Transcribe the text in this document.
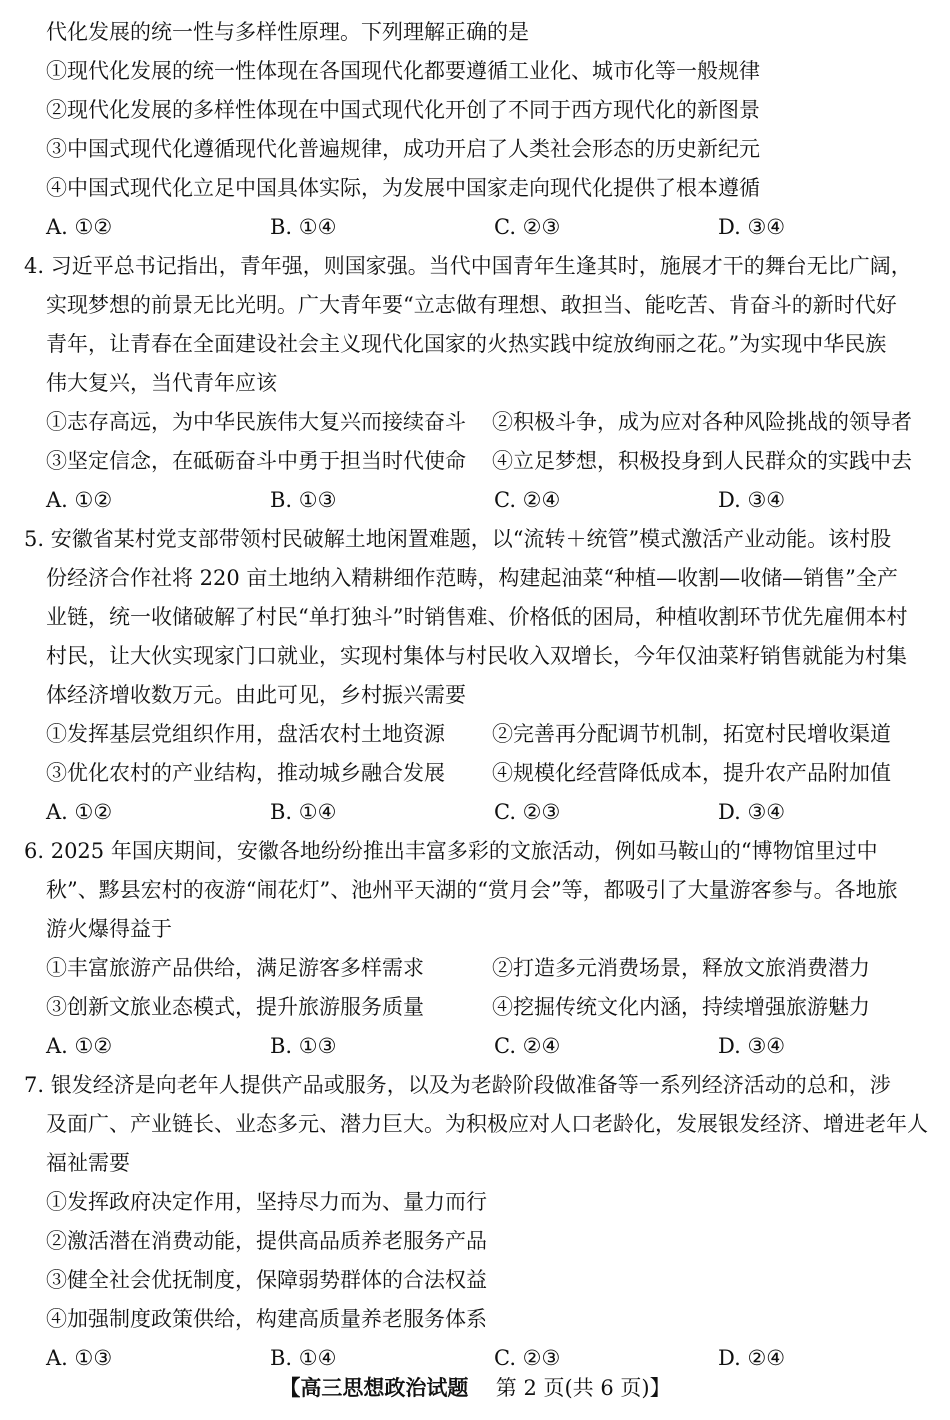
代化发展的统一性与多样性原理。下列理解正确的是
①现代化发展的统一性体现在各国现代化都要遵循工业化、城市化等一般规律
②现代化发展的多样性体现在中国式现代化开创了不同于西方现代化的新图景
③中国式现代化遵循现代化普遍规律，成功开启了人类社会形态的历史新纪元
④中国式现代化立足中国具体实际，为发展中国家走向现代化提供了根本遵循
A. ①②	B. ①④	C. ②③	D. ③④
4. 习近平总书记指出，青年强，则国家强。当代中国青年生逢其时，施展才干的舞台无比广阔，
实现梦想的前景无比光明。广大青年要“立志做有理想、敢担当、能吃苦、肯奋斗的新时代好
青年，让青春在全面建设社会主义现代化国家的火热实践中绽放绚丽之花。”为实现中华民族
伟大复兴，当代青年应该
①志存高远，为中华民族伟大复兴而接续奋斗 ②积极斗争，成为应对各种风险挑战的领导者
③坚定信念，在砥砺奋斗中勇于担当时代使命 ④立足梦想，积极投身到人民群众的实践中去
A. ①②	B. ①③	C. ②④	D. ③④
5. 安徽省某村党支部带领村民破解土地闲置难题，以“流转＋统管”模式激活产业动能。该村股
份经济合作社将 220 亩土地纳入精耕细作范畴，构建起油菜“种植—收割—收储—销售”全产
业链，统一收储破解了村民“单打独斗”时销售难、价格低的困局，种植收割环节优先雇佣本村
村民，让大伙实现家门口就业，实现村集体与村民收入双增长，今年仅油菜籽销售就能为村集
体经济增收数万元。由此可见，乡村振兴需要
①发挥基层党组织作用，盘活农村土地资源 ②完善再分配调节机制，拓宽村民增收渠道
③优化农村的产业结构，推动城乡融合发展 ④规模化经营降低成本，提升农产品附加值
A. ①②	B. ①④	C. ②③	D. ③④
6. 2025 年国庆期间，安徽各地纷纷推出丰富多彩的文旅活动，例如马鞍山的“博物馆里过中
秋”、黟县宏村的夜游“闹花灯”、池州平天湖的“赏月会”等，都吸引了大量游客参与。各地旅
游火爆得益于
①丰富旅游产品供给，满足游客多样需求	②打造多元消费场景，释放文旅消费潜力
③创新文旅业态模式，提升旅游服务质量	④挖掘传统文化内涵，持续增强旅游魅力
A. ①②	B. ①③	C. ②④	D. ③④
7. 银发经济是向老年人提供产品或服务，以及为老龄阶段做准备等一系列经济活动的总和，涉
及面广、产业链长、业态多元、潜力巨大。为积极应对人口老龄化，发展银发经济、增进老年人
福祉需要
①发挥政府决定作用，坚持尽力而为、量力而行
②激活潜在消费动能，提供高品质养老服务产品
③健全社会优抚制度，保障弱势群体的合法权益
④加强制度政策供给，构建高质量养老服务体系
A. ①③	B. ①④	C. ②③	D. ②④
【高三思想政治试题 第 2 页(共 6 页)】
